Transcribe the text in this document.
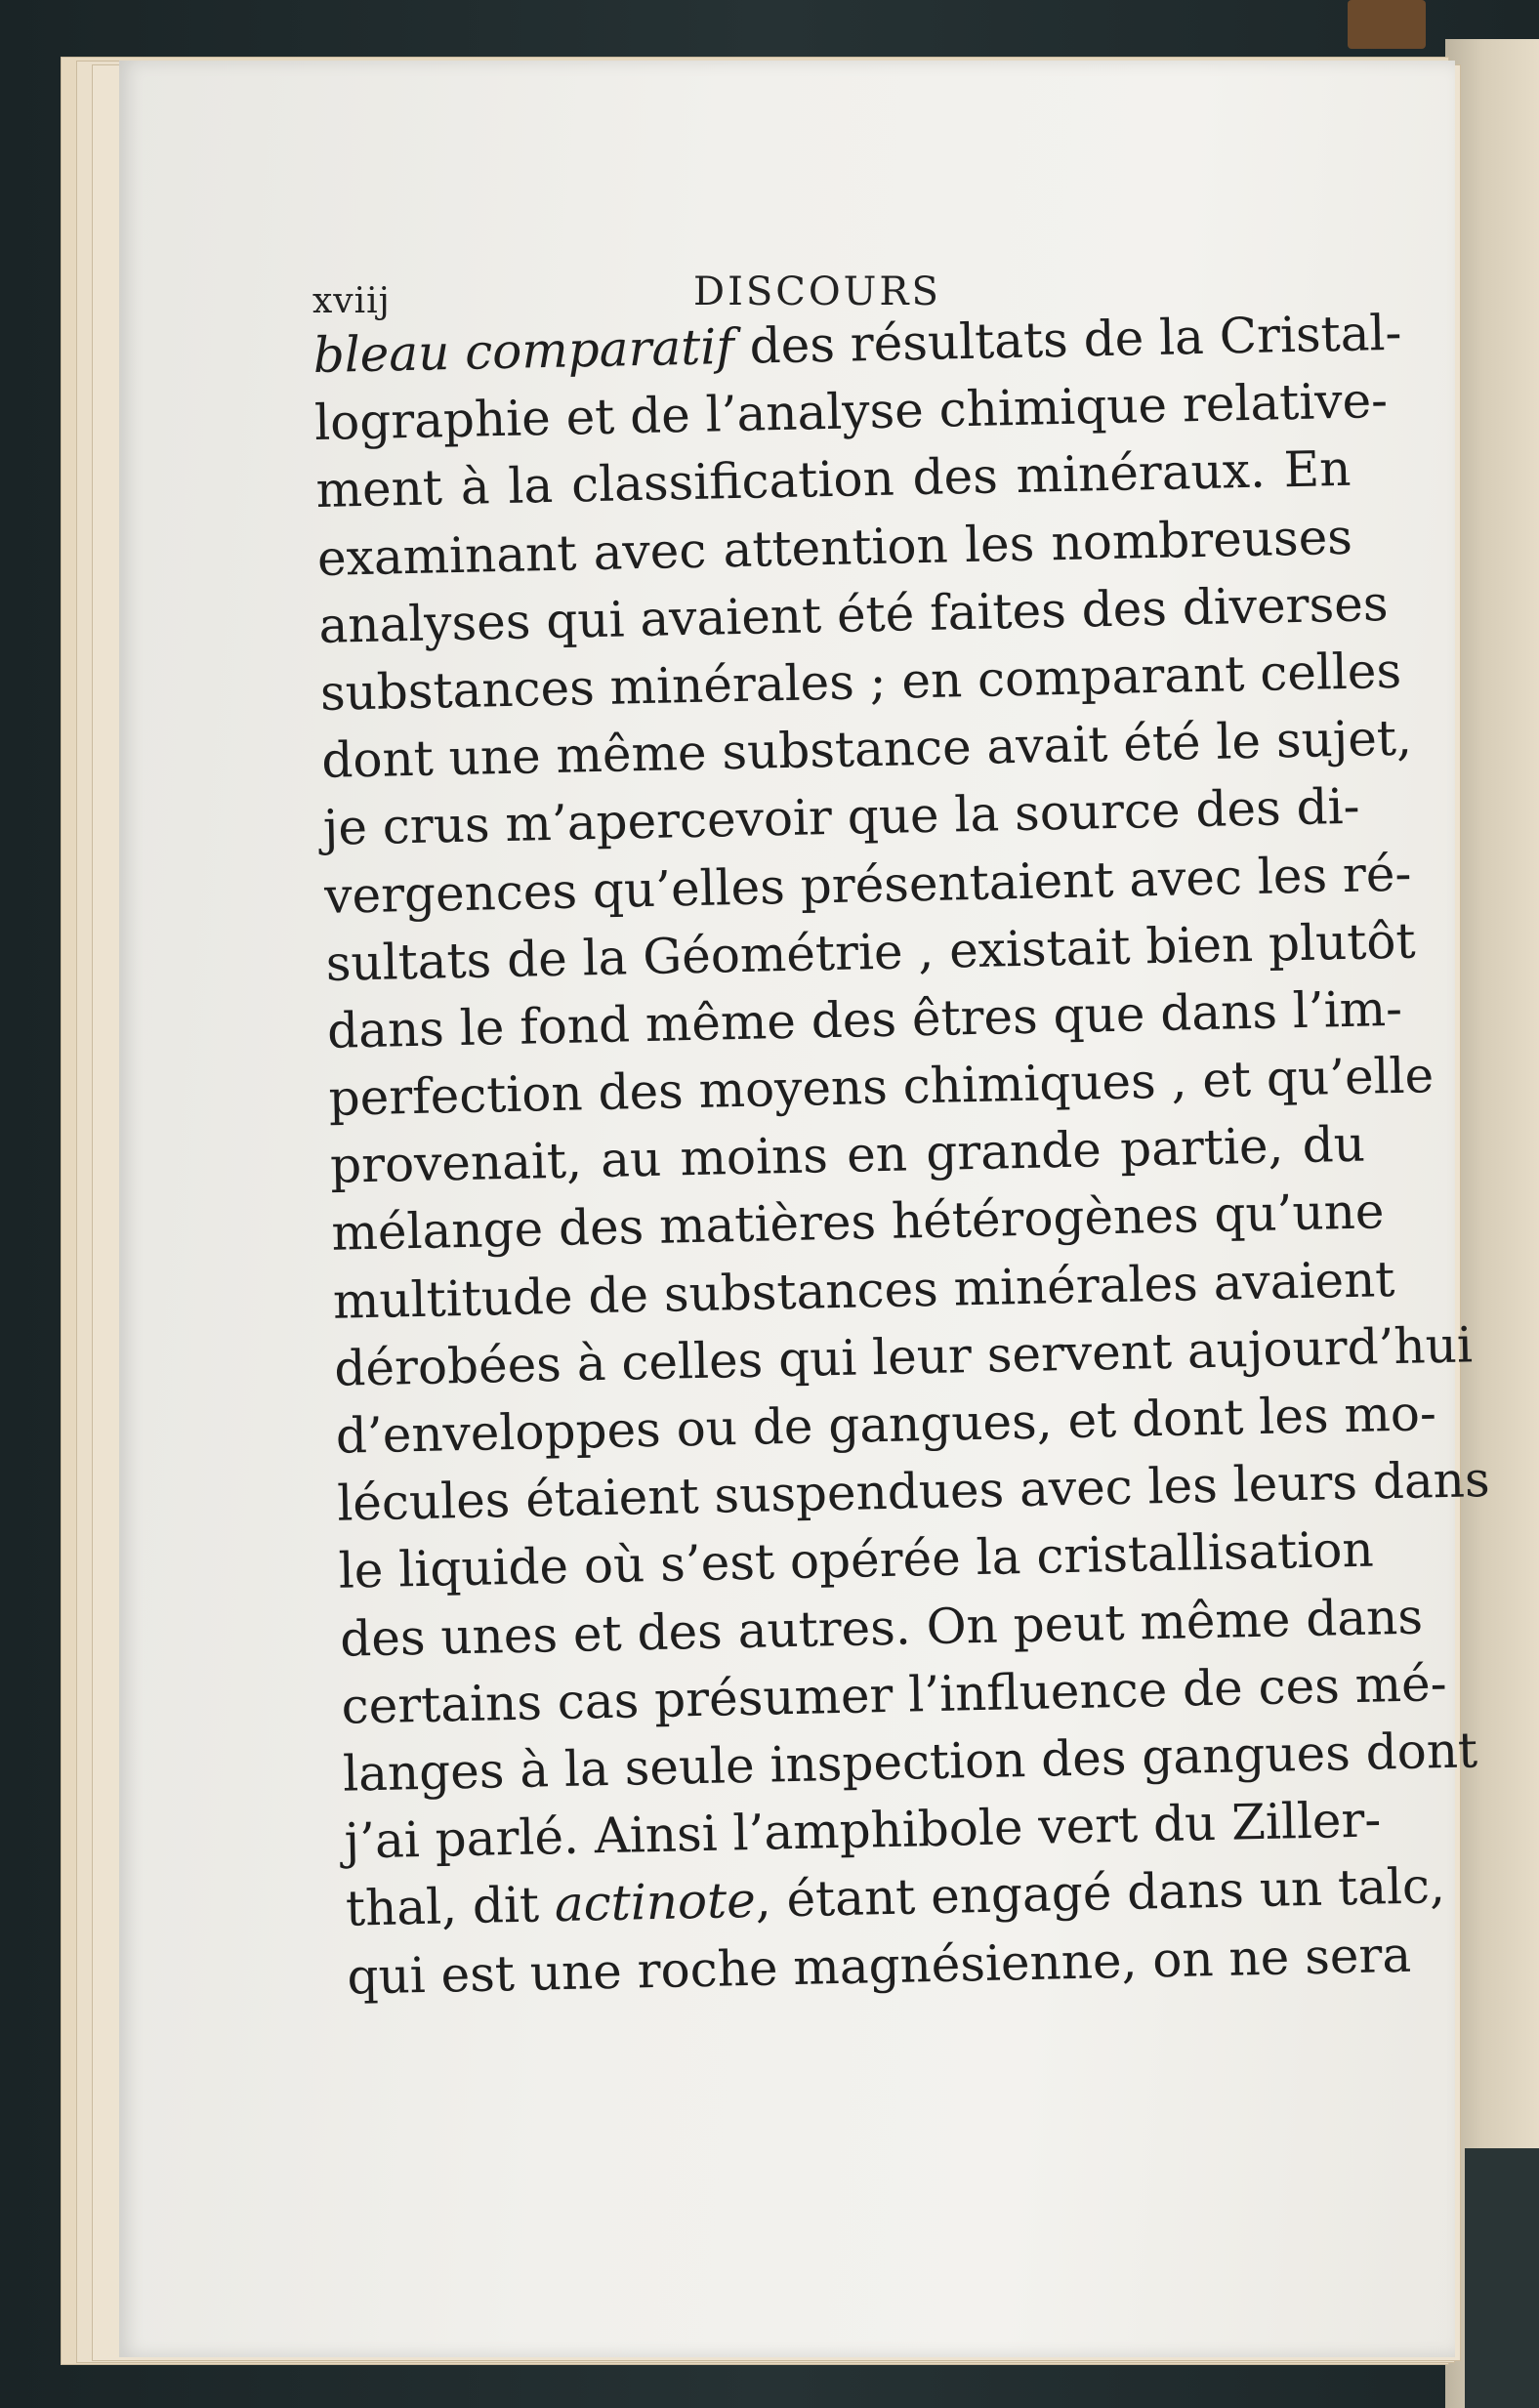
xviij	DISCOURS
bleau comparatif des résultats de la Cristal-
lographie et de l’analyse chimique relative-
ment à la classification des minéraux. En
examinant avec attention les nombreuses
analyses qui avaient été faites des diverses
substances minérales ; en comparant celles
dont une même substance avait été le sujet,
je crus m’apercevoir que la source des di-
vergences qu’elles présentaient avec les ré-
sultats de la Géométrie , existait bien plutôt
dans le fond même des êtres que dans l’im-
perfection des moyens chimiques , et qu’elle
provenait, au moins en grande partie, du
mélange des matières hétérogènes qu’une
multitude de substances minérales avaient
dérobées à celles qui leur servent aujourd’hui
d’enveloppes ou de gangues, et dont les mo-
lécules étaient suspendues avec les leurs dans
le liquide où s’est opérée la cristallisation
des unes et des autres. On peut même dans
certains cas présumer l’influence de ces mé-
langes à la seule inspection des gangues dont
j’ai parlé. Ainsi l’amphibole vert du Ziller-
thal, dit actinote, étant engagé dans un talc,
qui est une roche magnésienne, on ne sera
